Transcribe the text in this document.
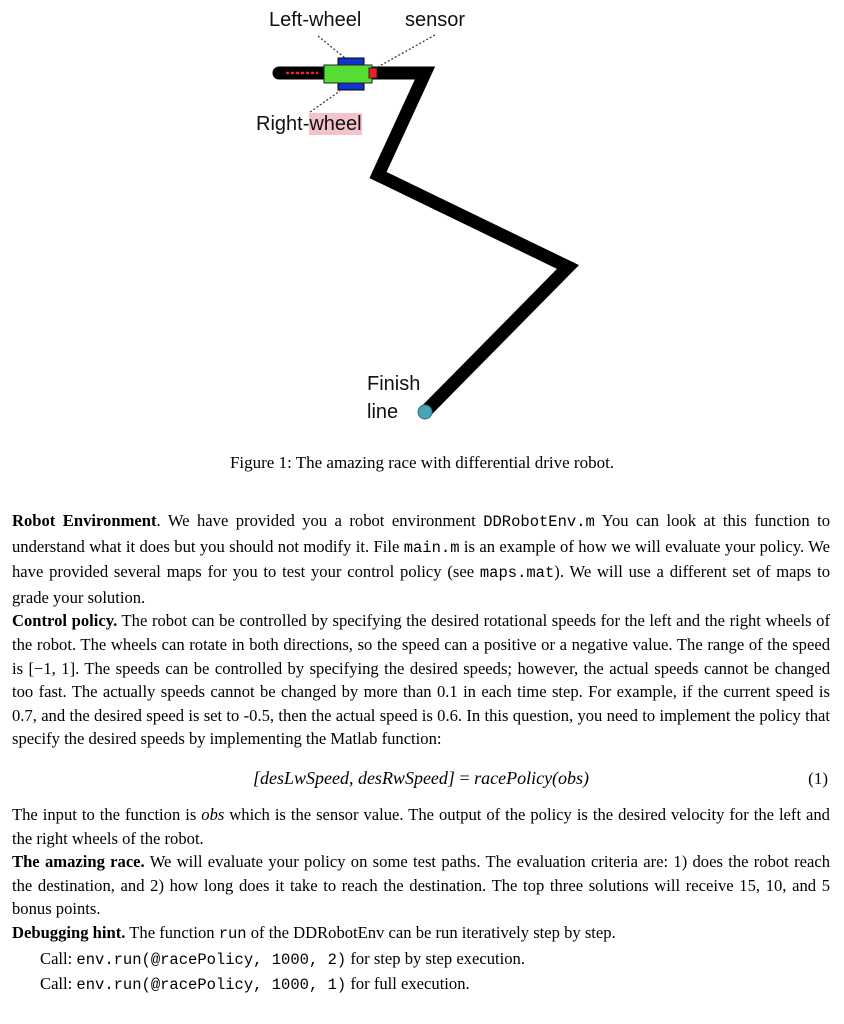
Left-wheel sensor
Right-wheel
Finish
line
Figure 1: The amazing race with differential drive robot.

Robot Environment. We have provided you a robot environment DDRobotEnv.m You can look at this function to understand what it does but you should not modify it. File main.m is an example of how we will evaluate your policy. We have provided several maps for you to test your control policy (see maps.mat). We will use a different set of maps to grade your solution.

Control policy. The robot can be controlled by specifying the desired rotational speeds for the left and the right wheels of the robot. The wheels can rotate in both directions, so the speed can a positive or a negative value. The range of the speed is [−1, 1]. The speeds can be controlled by specifying the desired speeds; however, the actual speeds cannot be changed too fast. The actually speeds cannot be changed by more than 0.1 in each time step. For example, if the current speed is 0.7, and the desired speed is set to -0.5, then the actual speed is 0.6. In this question, you need to implement the policy that specify the desired speeds by implementing the Matlab function:

[desLwSpeed, desRwSpeed] = racePolicy(obs)	(1)

The input to the function is obs which is the sensor value. The output of the policy is the desired velocity for the left and the right wheels of the robot.

The amazing race. We will evaluate your policy on some test paths. The evaluation criteria are: 1) does the robot reach the destination, and 2) how long does it take to reach the destination. The top three solutions will receive 15, 10, and 5 bonus points.

Debugging hint. The function run of the DDRobotEnv can be run iteratively step by step.

Call: env.run(@racePolicy, 1000, 2) for step by step execution.

Call: env.run(@racePolicy, 1000, 1) for full execution.
